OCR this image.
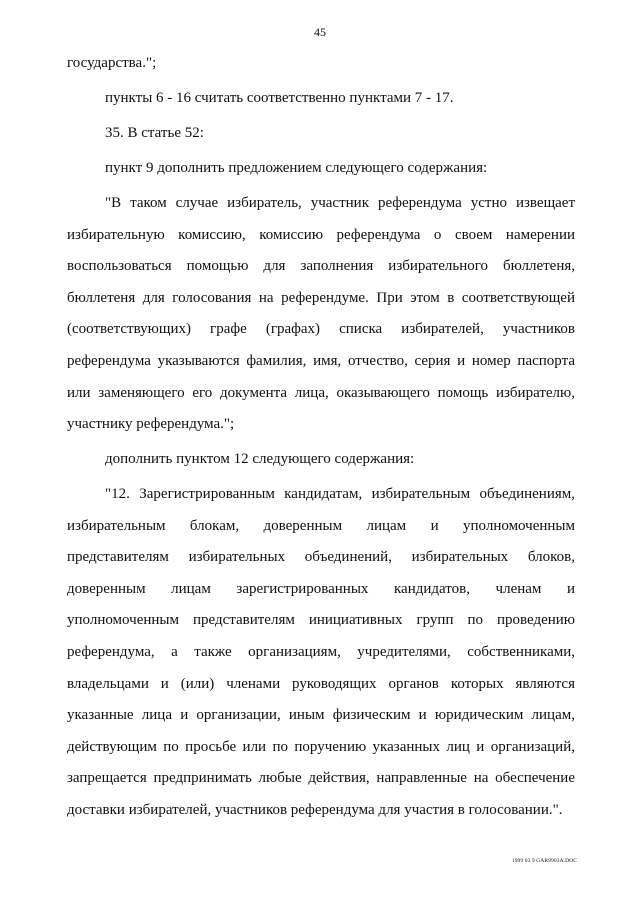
45

государства.";

пункты 6 - 16 считать соответственно пунктами 7 - 17.

35. В статье 52:

пункт 9 дополнить предложением следующего содержания:

"В таком случае избиратель, участник референдума устно извещает избирательную комиссию, комиссию референдума о своем намерении воспользоваться помощью для заполнения избирательного бюллетеня, бюллетеня для голосования на референдуме. При этом в соответствующей (соответствующих) графе (графах) списка избирателей, участников референдума указываются фамилия, имя, отчество, серия и номер паспорта или заменяющего его документа лица, оказывающего помощь избирателю, участнику референдума.";

дополнить пунктом 12 следующего содержания:

"12. Зарегистрированным кандидатам, избирательным объединениям, избирательным блокам, доверенным лицам и уполномоченным представителям избирательных объединений, избирательных блоков, доверенным лицам зарегистрированных кандидатов, членам и уполномоченным представителям инициативных групп по проведению референдума, а также организациям, учредителями, собственниками, владельцами и (или) членами руководящих органов которых являются указанные лица и организации, иным физическим и юридическим лицам, действующим по просьбе или по поручению указанных лиц и организаций, запрещается предпринимать любые действия, направленные на обеспечение доставки избирателей, участников референдума для участия в голосовании.".

1999 03 9 GAR9903A.DOC
